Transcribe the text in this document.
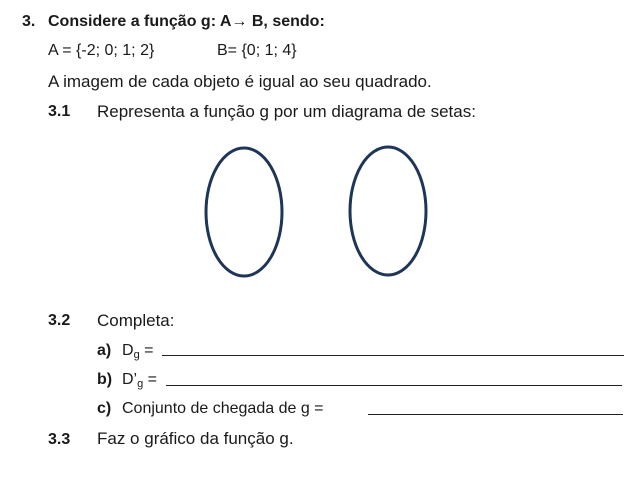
3. Considere a função g: A→ B, sendo:
A = {-2; 0; 1; 2}	B= {0; 1; 4}
A imagem de cada objeto é igual ao seu quadrado.
3.1 Representa a função g por um diagrama de setas:
3.2 Completa:
a) Dg =
b) D’g =
c) Conjunto de chegada de g =
3.3 Faz o gráfico da função g.
